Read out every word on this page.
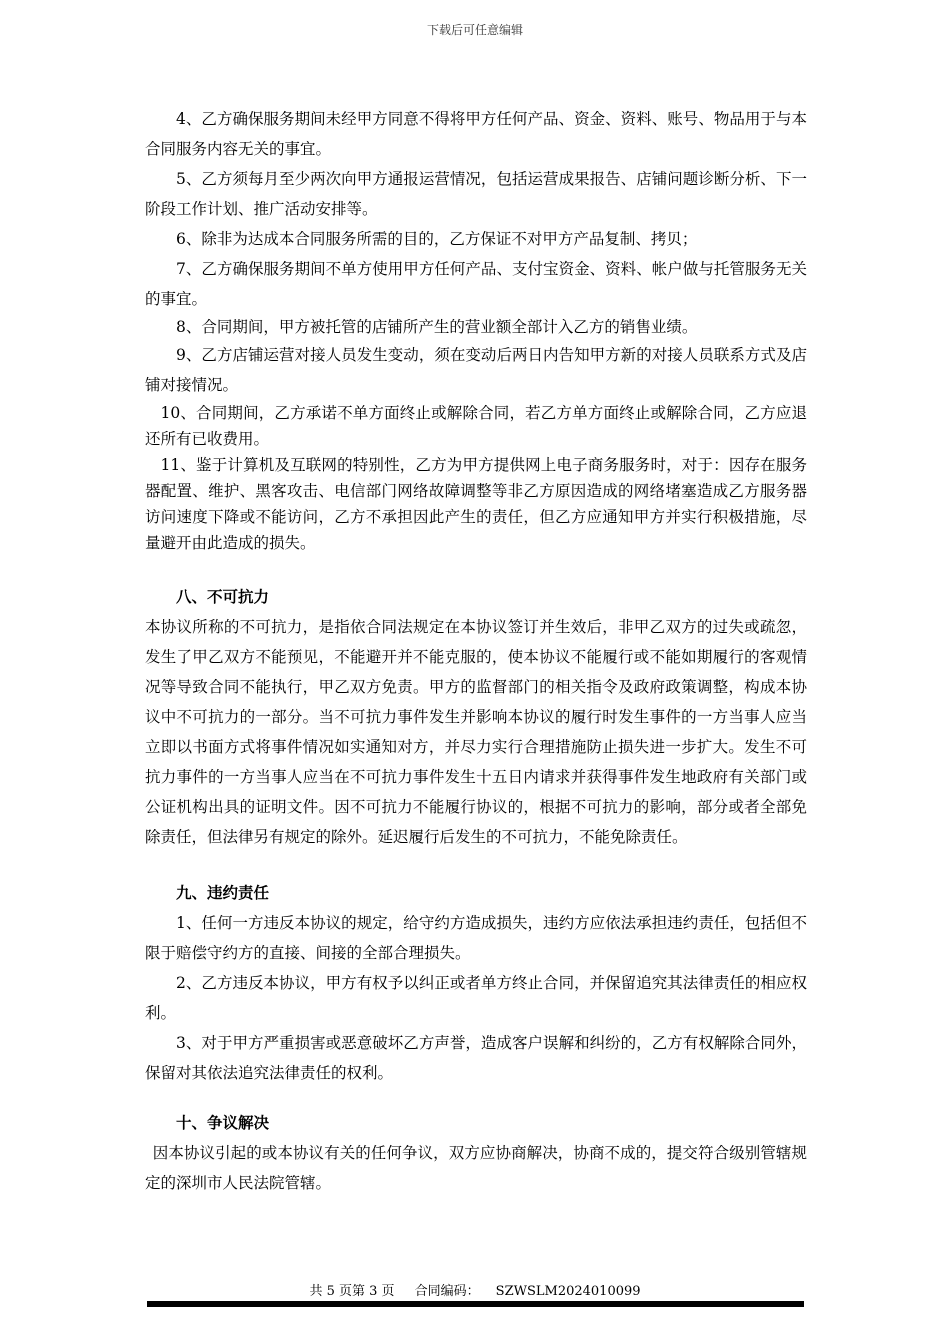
下载后可任意编辑

4、乙方确保服务期间未经甲方同意不得将甲方任何产品、资金、资料、账号、物品用于与本合同服务内容无关的事宜。

5、乙方须每月至少两次向甲方通报运营情况，包括运营成果报告、店铺问题诊断分析、下一阶段工作计划、推广活动安排等。

6、除非为达成本合同服务所需的目的，乙方保证不对甲方产品复制、拷贝；

7、乙方确保服务期间不单方使用甲方任何产品、支付宝资金、资料、帐户做与托管服务无关的事宜。

8、合同期间，甲方被托管的店铺所产生的营业额全部计入乙方的销售业绩。

9、乙方店铺运营对接人员发生变动，须在变动后两日内告知甲方新的对接人员联系方式及店铺对接情况。

10、合同期间，乙方承诺不单方面终止或解除合同，若乙方单方面终止或解除合同，乙方应退还所有已收费用。

11、鉴于计算机及互联网的特别性，乙方为甲方提供网上电子商务服务时，对于：因存在服务器配置、维护、黑客攻击、电信部门网络故障调整等非乙方原因造成的网络堵塞造成乙方服务器访问速度下降或不能访问，乙方不承担因此产生的责任，但乙方应通知甲方并实行积极措施，尽量避开由此造成的损失。

八、不可抗力

本协议所称的不可抗力，是指依合同法规定在本协议签订并生效后，非甲乙双方的过失或疏忽，发生了甲乙双方不能预见，不能避开并不能克服的，使本协议不能履行或不能如期履行的客观情况等导致合同不能执行，甲乙双方免责。甲方的监督部门的相关指令及政府政策调整，构成本协议中不可抗力的一部分。当不可抗力事件发生并影响本协议的履行时发生事件的一方当事人应当立即以书面方式将事件情况如实通知对方，并尽力实行合理措施防止损失进一步扩大。发生不可抗力事件的一方当事人应当在不可抗力事件发生十五日内请求并获得事件发生地政府有关部门或公证机构出具的证明文件。因不可抗力不能履行协议的，根据不可抗力的影响，部分或者全部免除责任，但法律另有规定的除外。延迟履行后发生的不可抗力，不能免除责任。

九、违约责任

1、任何一方违反本协议的规定，给守约方造成损失，违约方应依法承担违约责任，包括但不限于赔偿守约方的直接、间接的全部合理损失。

2、乙方违反本协议，甲方有权予以纠正或者单方终止合同，并保留追究其法律责任的相应权利。

3、对于甲方严重损害或恶意破坏乙方声誉，造成客户误解和纠纷的，乙方有权解除合同外，保留对其依法追究法律责任的权利。

十、争议解决

因本协议引起的或本协议有关的任何争议，双方应协商解决，协商不成的，提交符合级别管辖规定的深圳市人民法院管辖。

共 5 页第 3 页 合同编码： SZWSLM2024010099
